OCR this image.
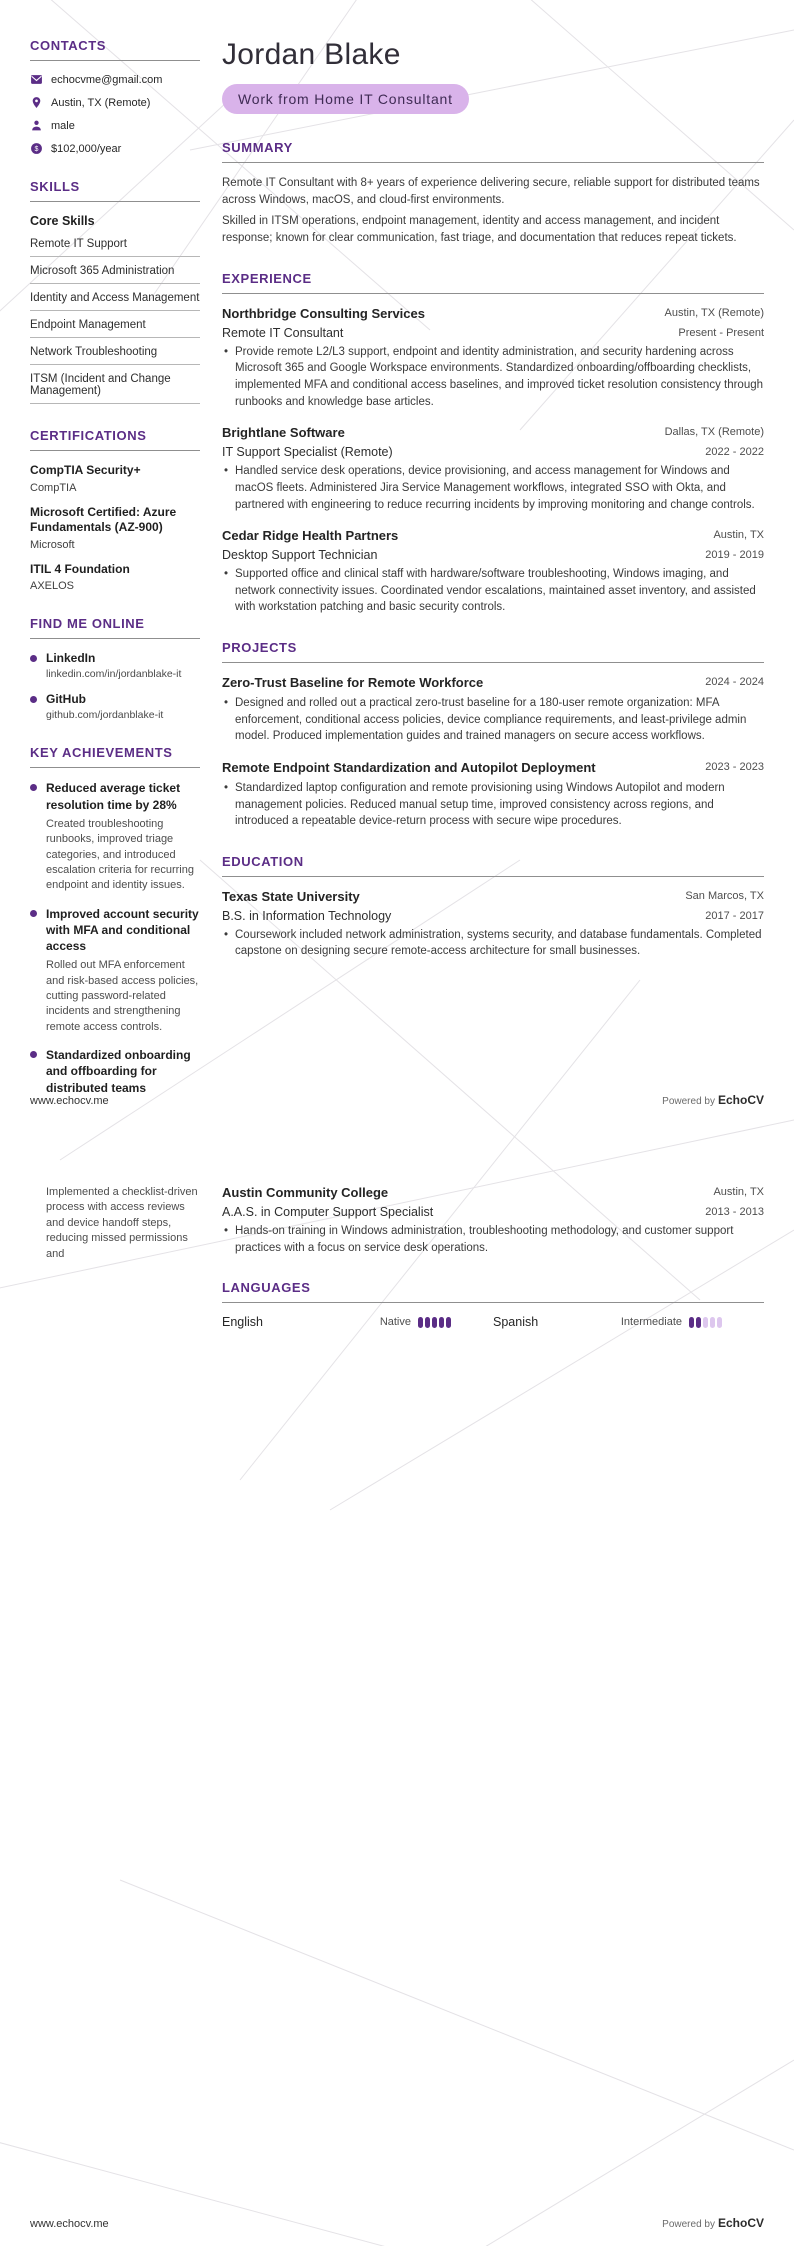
CONTACTS
echocvme@gmail.com
Austin, TX (Remote)
male
$ $102,000/year
SKILLS
Core Skills
Remote IT Support
Microsoft 365 Administration
Identity and Access Management
Endpoint Management
Network Troubleshooting
ITSM (Incident and Change Management)
CERTIFICATIONS
CompTIA Security+
CompTIA
Microsoft Certified: Azure Fundamentals (AZ-900)
Microsoft
ITIL 4 Foundation
AXELOS
FIND ME ONLINE
LinkedIn
linkedin.com/in/jordanblake-it
GitHub
github.com/jordanblake-it
KEY ACHIEVEMENTS
Reduced average ticket resolution time by 28%
Created troubleshooting runbooks, improved triage categories, and introduced escalation criteria for recurring endpoint and identity issues.
Improved account security with MFA and conditional access
Rolled out MFA enforcement and risk-based access policies, cutting password-related incidents and strengthening remote access controls.
Standardized onboarding and offboarding for distributed teams
Jordan Blake
Work from Home IT Consultant
SUMMARY

Remote IT Consultant with 8+ years of experience delivering secure, reliable support for distributed teams across Windows, macOS, and cloud-first environments.

Skilled in ITSM operations, endpoint management, identity and access management, and incident response; known for clear communication, fast triage, and documentation that reduces repeat tickets.

EXPERIENCE
Northbridge Consulting Services	Austin, TX (Remote)
Remote IT Consultant	Present - Present
• Provide remote L2/L3 support, endpoint and identity administration, and security hardening across Microsoft 365 and Google Workspace environments. Standardized onboarding/offboarding checklists, implemented MFA and conditional access baselines, and improved ticket resolution consistency through runbooks and knowledge base articles.
Brightlane Software	Dallas, TX (Remote)
IT Support Specialist (Remote)	2022 - 2022
• Handled service desk operations, device provisioning, and access management for Windows and macOS fleets. Administered Jira Service Management workflows, integrated SSO with Okta, and partnered with engineering to reduce recurring incidents by improving monitoring and change controls.
Cedar Ridge Health Partners	Austin, TX
Desktop Support Technician	2019 - 2019
• Supported office and clinical staff with hardware/software troubleshooting, Windows imaging, and network connectivity issues. Coordinated vendor escalations, maintained asset inventory, and assisted with workstation patching and basic security controls.
PROJECTS
Zero-Trust Baseline for Remote Workforce	2024 - 2024
• Designed and rolled out a practical zero-trust baseline for a 180-user remote organization: MFA enforcement, conditional access policies, device compliance requirements, and least-privilege admin model. Produced implementation guides and trained managers on secure access workflows.
Remote Endpoint Standardization and Autopilot Deployment	2023 - 2023
• Standardized laptop configuration and remote provisioning using Windows Autopilot and modern management policies. Reduced manual setup time, improved consistency across regions, and introduced a repeatable device-return process with secure wipe procedures.
EDUCATION
Texas State University	San Marcos, TX
B.S. in Information Technology	2017 - 2017
• Coursework included network administration, systems security, and database fundamentals. Completed capstone on designing secure remote-access architecture for small businesses.
www.echocv.me	Powered by EchoCV

Implemented a checklist-driven process with access reviews and device handoff steps, reducing missed permissions and

Austin Community College	Austin, TX
A.A.S. in Computer Support Specialist	2013 - 2013
• Hands-on training in Windows administration, troubleshooting methodology, and customer support practices with a focus on service desk operations.
LANGUAGES
English	Native	Spanish	Intermediate
www.echocv.me	Powered by EchoCV
